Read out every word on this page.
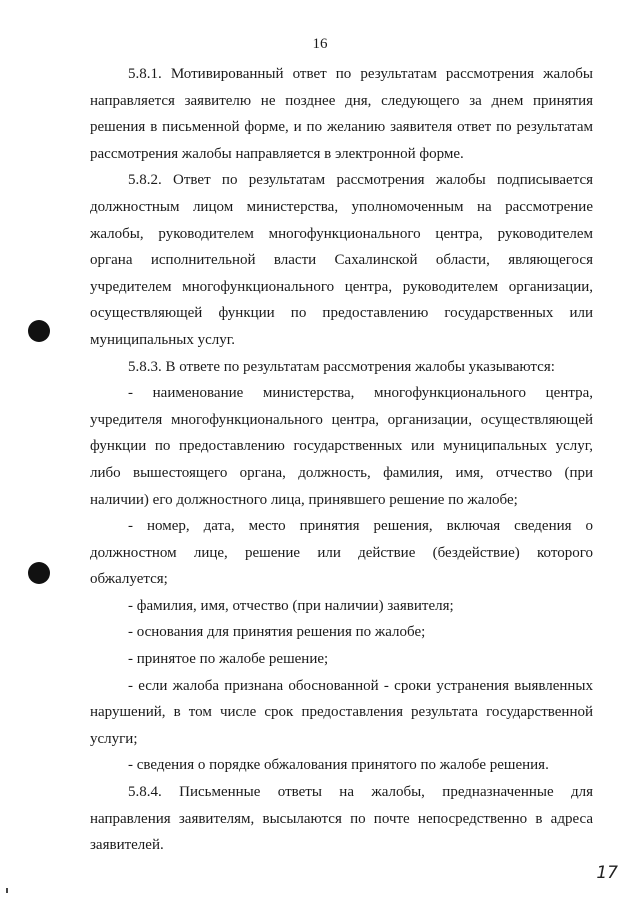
16

5.8.1. Мотивированный ответ по результатам рассмотрения жалобы направляется заявителю не позднее дня, следующего за днем принятия решения в письменной форме, и по желанию заявителя ответ по результатам рассмотрения жалобы направляется в электронной форме.

5.8.2. Ответ по результатам рассмотрения жалобы подписывается должностным лицом министерства, уполномоченным на рассмотрение жалобы, руководителем многофункционального центра, руководителем органа исполнительной власти Сахалинской области, являющегося учредителем многофункционального центра, руководителем организации, осуществляющей функции по предоставлению государственных или муниципальных услуг.

5.8.3. В ответе по результатам рассмотрения жалобы указываются:

- наименование министерства, многофункционального центра, учредителя многофункционального центра, организации, осуществляющей функции по предоставлению государственных или муниципальных услуг, либо вышестоящего органа, должность, фамилия, имя, отчество (при наличии) его должностного лица, принявшего решение по жалобе;

- номер, дата, место принятия решения, включая сведения о должностном лице, решение или действие (бездействие) которого обжалуется;

- фамилия, имя, отчество (при наличии) заявителя;

- основания для принятия решения по жалобе;

- принятое по жалобе решение;

- если жалоба признана обоснованной - сроки устранения выявленных нарушений, в том числе срок предоставления результата государственной услуги;

- сведения о порядке обжалования принятого по жалобе решения.

5.8.4. Письменные ответы на жалобы, предназначенные для направления заявителям, высылаются по почте непосредственно в адреса заявителей.

17
